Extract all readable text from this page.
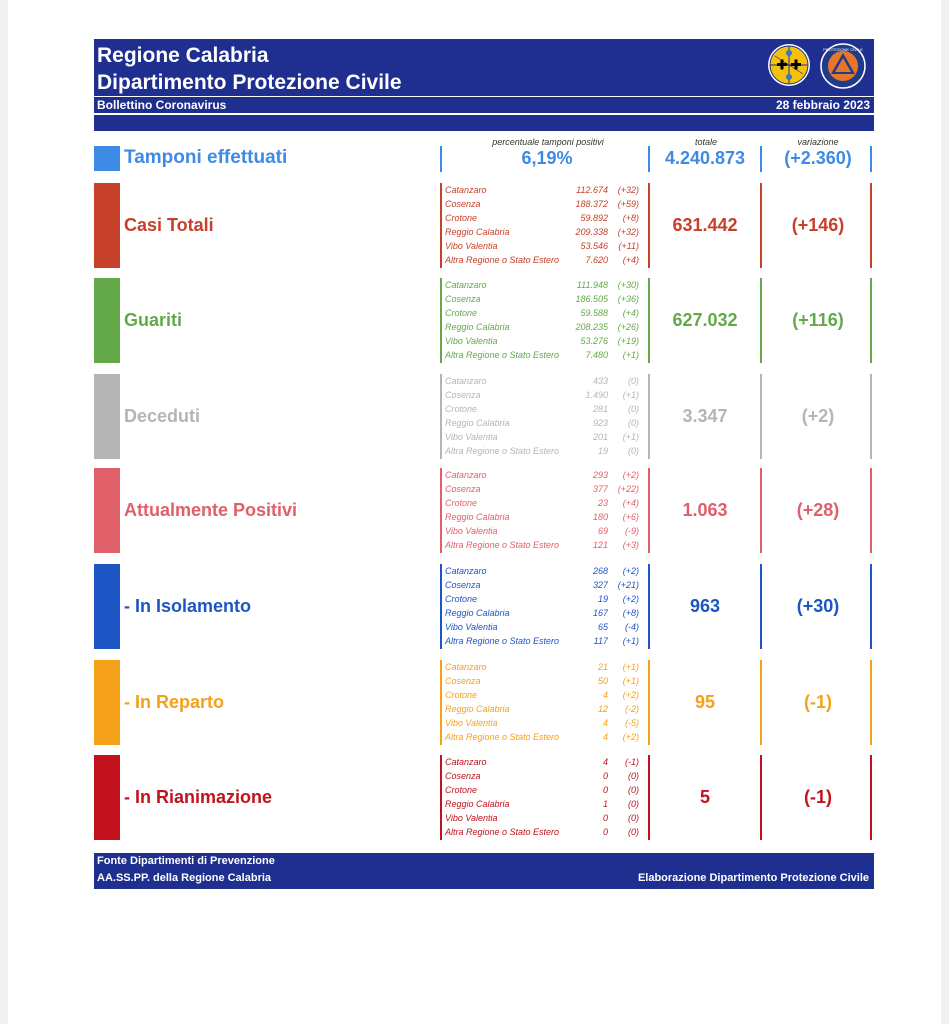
Regione Calabria
Dipartimento Protezione Civile
Bollettino Coronavirus	28 febbraio 2023
PROTEZIONE CIVILE
percentuale tamponi positivi	totale	variazione
Tamponi effettuati	6,19%	4.240.873	(+2.360)
Casi Totali
Catanzaro	112.674 (+32)
Cosenza	188.372 (+59)
Crotone	59.892 (+8)
Reggio Calabria	209.338 (+32)
Vibo Valentia	53.546 (+11)
Altra Regione o Stato Estero	7.620 (+4)
631.442	(+146)
Guariti
Catanzaro	111.948 (+30)
Cosenza	186.505 (+36)
Crotone	59.588 (+4)
Reggio Calabria	208.235 (+26)
Vibo Valentia	53.276 (+19)
Altra Regione o Stato Estero	7.480 (+1)
627.032	(+116)
Deceduti
Catanzaro	433 (0)
Cosenza	1.490 (+1)
Crotone	281 (0)
Reggio Calabria	923 (0)
Vibo Valentia	201 (+1)
Altra Regione o Stato Estero	19 (0)
3.347	(+2)
Attualmente Positivi
Catanzaro	293 (+2)
Cosenza	377 (+22)
Crotone	23 (+4)
Reggio Calabria	180 (+6)
Vibo Valentia	69 (-9)
Altra Regione o Stato Estero	121 (+3)
1.063	(+28)
- In Isolamento
Catanzaro	268 (+2)
Cosenza	327 (+21)
Crotone	19 (+2)
Reggio Calabria	167 (+8)
Vibo Valentia	65 (-4)
Altra Regione o Stato Estero	117 (+1)
963	(+30)
- In Reparto
Catanzaro	21 (+1)
Cosenza	50 (+1)
Crotone	4 (+2)
Reggio Calabria	12 (-2)
Vibo Valentia	4 (-5)
Altra Regione o Stato Estero	4 (+2)
95	(-1)
- In Rianimazione
Catanzaro	4 (-1)
Cosenza	0 (0)
Crotone	0 (0)
Reggio Calabria	1 (0)
Vibo Valentia	0 (0)
Altra Regione o Stato Estero	0 (0)
5	(-1)
Fonte Dipartimenti di Prevenzione
AA.SS.PP. della Regione Calabria	Elaborazione Dipartimento Protezione Civile
